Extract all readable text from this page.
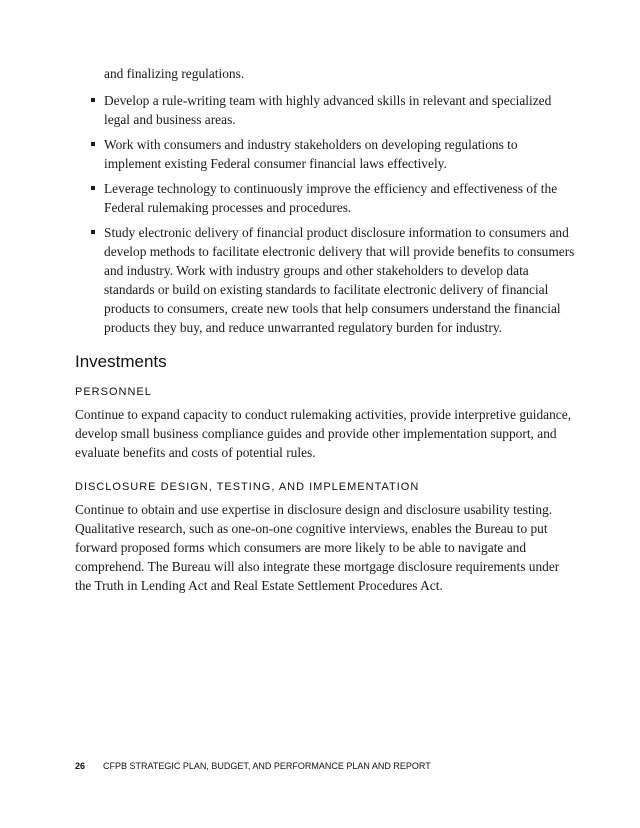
and finalizing regulations.

Develop a rule-writing team with highly advanced skills in relevant and specialized legal and business areas.
Work with consumers and industry stakeholders on developing regulations to implement existing Federal consumer financial laws effectively.
Leverage technology to continuously improve the efficiency and effectiveness of the Federal rulemaking processes and procedures.
Study electronic delivery of financial product disclosure information to consumers and develop methods to facilitate electronic delivery that will provide benefits to consumers and industry. Work with industry groups and other stakeholders to develop data standards or build on existing standards to facilitate electronic delivery of financial products to consumers, create new tools that help consumers understand the financial products they buy, and reduce unwarranted regulatory burden for industry.
Investments
PERSONNEL

Continue to expand capacity to conduct rulemaking activities, provide interpretive guidance, develop small business compliance guides and provide other implementation support, and evaluate benefits and costs of potential rules.

DISCLOSURE DESIGN, TESTING, AND IMPLEMENTATION

Continue to obtain and use expertise in disclosure design and disclosure usability testing. Qualitative research, such as one-on-one cognitive interviews, enables the Bureau to put forward proposed forms which consumers are more likely to be able to navigate and comprehend. The Bureau will also integrate these mortgage disclosure requirements under the Truth in Lending Act and Real Estate Settlement Procedures Act.

26 CFPB STRATEGIC PLAN, BUDGET, AND PERFORMANCE PLAN AND REPORT
